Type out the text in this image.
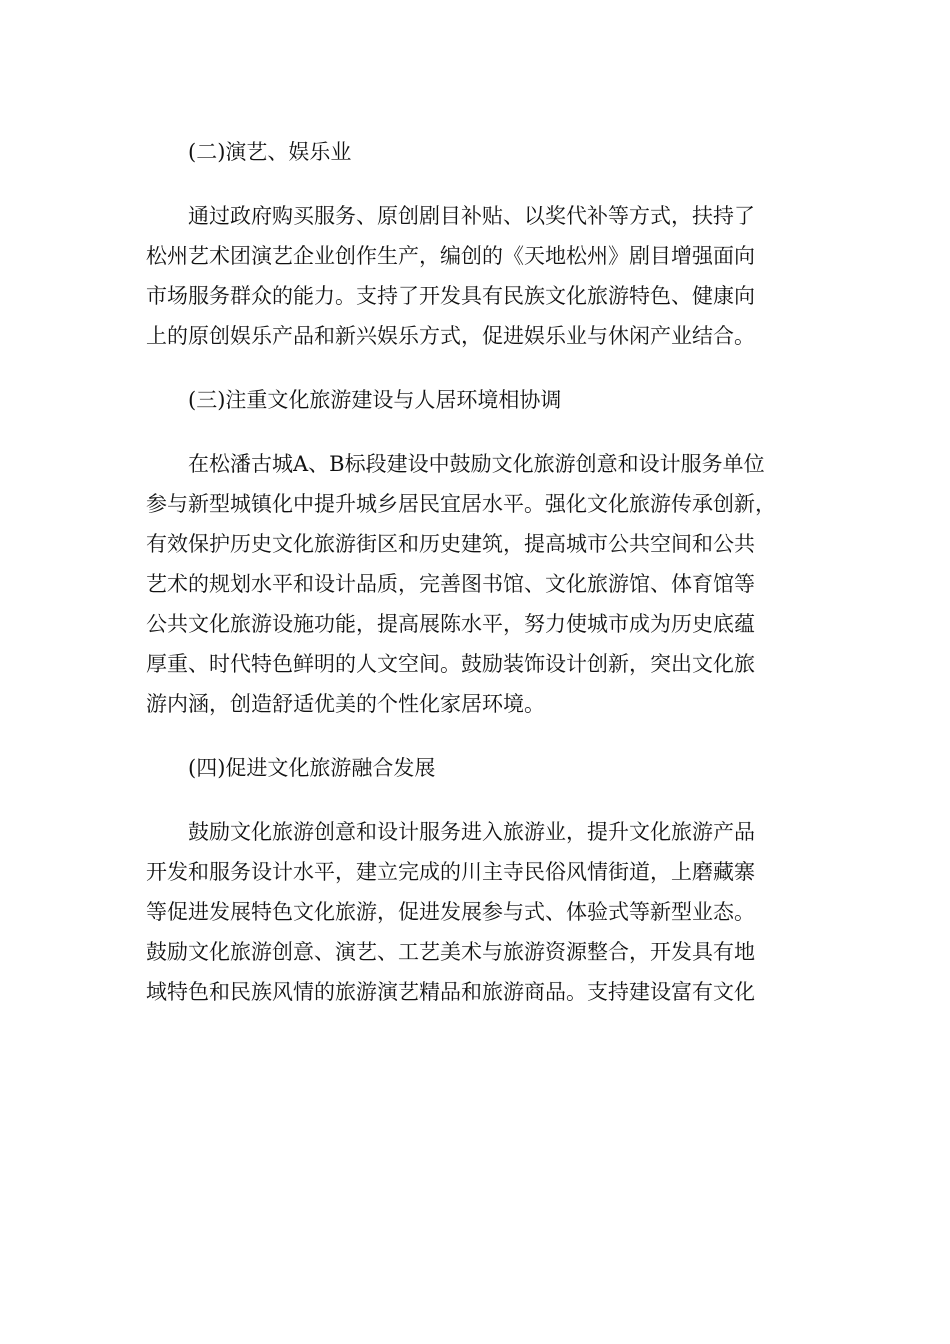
(二)演艺、娱乐业
通过政府购买服务、原创剧目补贴、以奖代补等方式，扶持了
松州艺术团演艺企业创作生产，编创的《天地松州》剧目增强面向
市场服务群众的能力。支持了开发具有民族文化旅游特色、健康向
上的原创娱乐产品和新兴娱乐方式，促进娱乐业与休闲产业结合。
(三)注重文化旅游建设与人居环境相协调
在松潘古城A、B标段建设中鼓励文化旅游创意和设计服务单位
参与新型城镇化中提升城乡居民宜居水平。强化文化旅游传承创新，
有效保护历史文化旅游街区和历史建筑，提高城市公共空间和公共
艺术的规划水平和设计品质，完善图书馆、文化旅游馆、体育馆等
公共文化旅游设施功能，提高展陈水平，努力使城市成为历史底蕴
厚重、时代特色鲜明的人文空间。鼓励装饰设计创新，突出文化旅
游内涵，创造舒适优美的个性化家居环境。
(四)促进文化旅游融合发展
鼓励文化旅游创意和设计服务进入旅游业，提升文化旅游产品
开发和服务设计水平，建立完成的川主寺民俗风情街道，上磨藏寨
等促进发展特色文化旅游，促进发展参与式、体验式等新型业态。
鼓励文化旅游创意、演艺、工艺美术与旅游资源整合，开发具有地
域特色和民族风情的旅游演艺精品和旅游商品。支持建设富有文化
